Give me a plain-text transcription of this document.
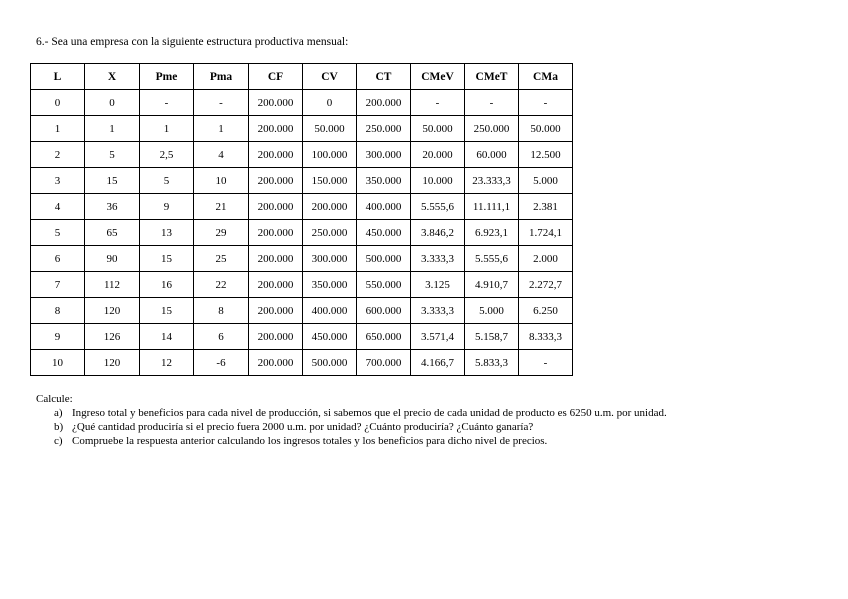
6.- Sea una empresa con la siguiente estructura productiva mensual:
L	X	Pme	Pma	CF	CV	CT	CMeV	CMeT	CMa
0	0	-	-	200.000	0	200.000	-	-	-
1	1	1	1	200.000	50.000	250.000	50.000	250.000	50.000
2	5	2,5	4	200.000	100.000	300.000	20.000	60.000	12.500
3	15	5	10	200.000	150.000	350.000	10.000	23.333,3	5.000
4	36	9	21	200.000	200.000	400.000	5.555,6	11.111,1	2.381
5	65	13	29	200.000	250.000	450.000	3.846,2	6.923,1	1.724,1
6	90	15	25	200.000	300.000	500.000	3.333,3	5.555,6	2.000
7	112	16	22	200.000	350.000	550.000	3.125	4.910,7	2.272,7
8	120	15	8	200.000	400.000	600.000	3.333,3	5.000	6.250
9	126	14	6	200.000	450.000	650.000	3.571,4	5.158,7	8.333,3
10	120	12	-6	200.000	500.000	700.000	4.166,7	5.833,3	-
Calcule:
a) Ingreso total y beneficios para cada nivel de producción, si sabemos que el precio de cada unidad de producto es 6250 u.m. por unidad.
b) ¿Qué cantidad produciría si el precio fuera 2000 u.m. por unidad? ¿Cuánto produciría? ¿Cuánto ganaría?
c) Compruebe la respuesta anterior calculando los ingresos totales y los beneficios para dicho nivel de precios.
